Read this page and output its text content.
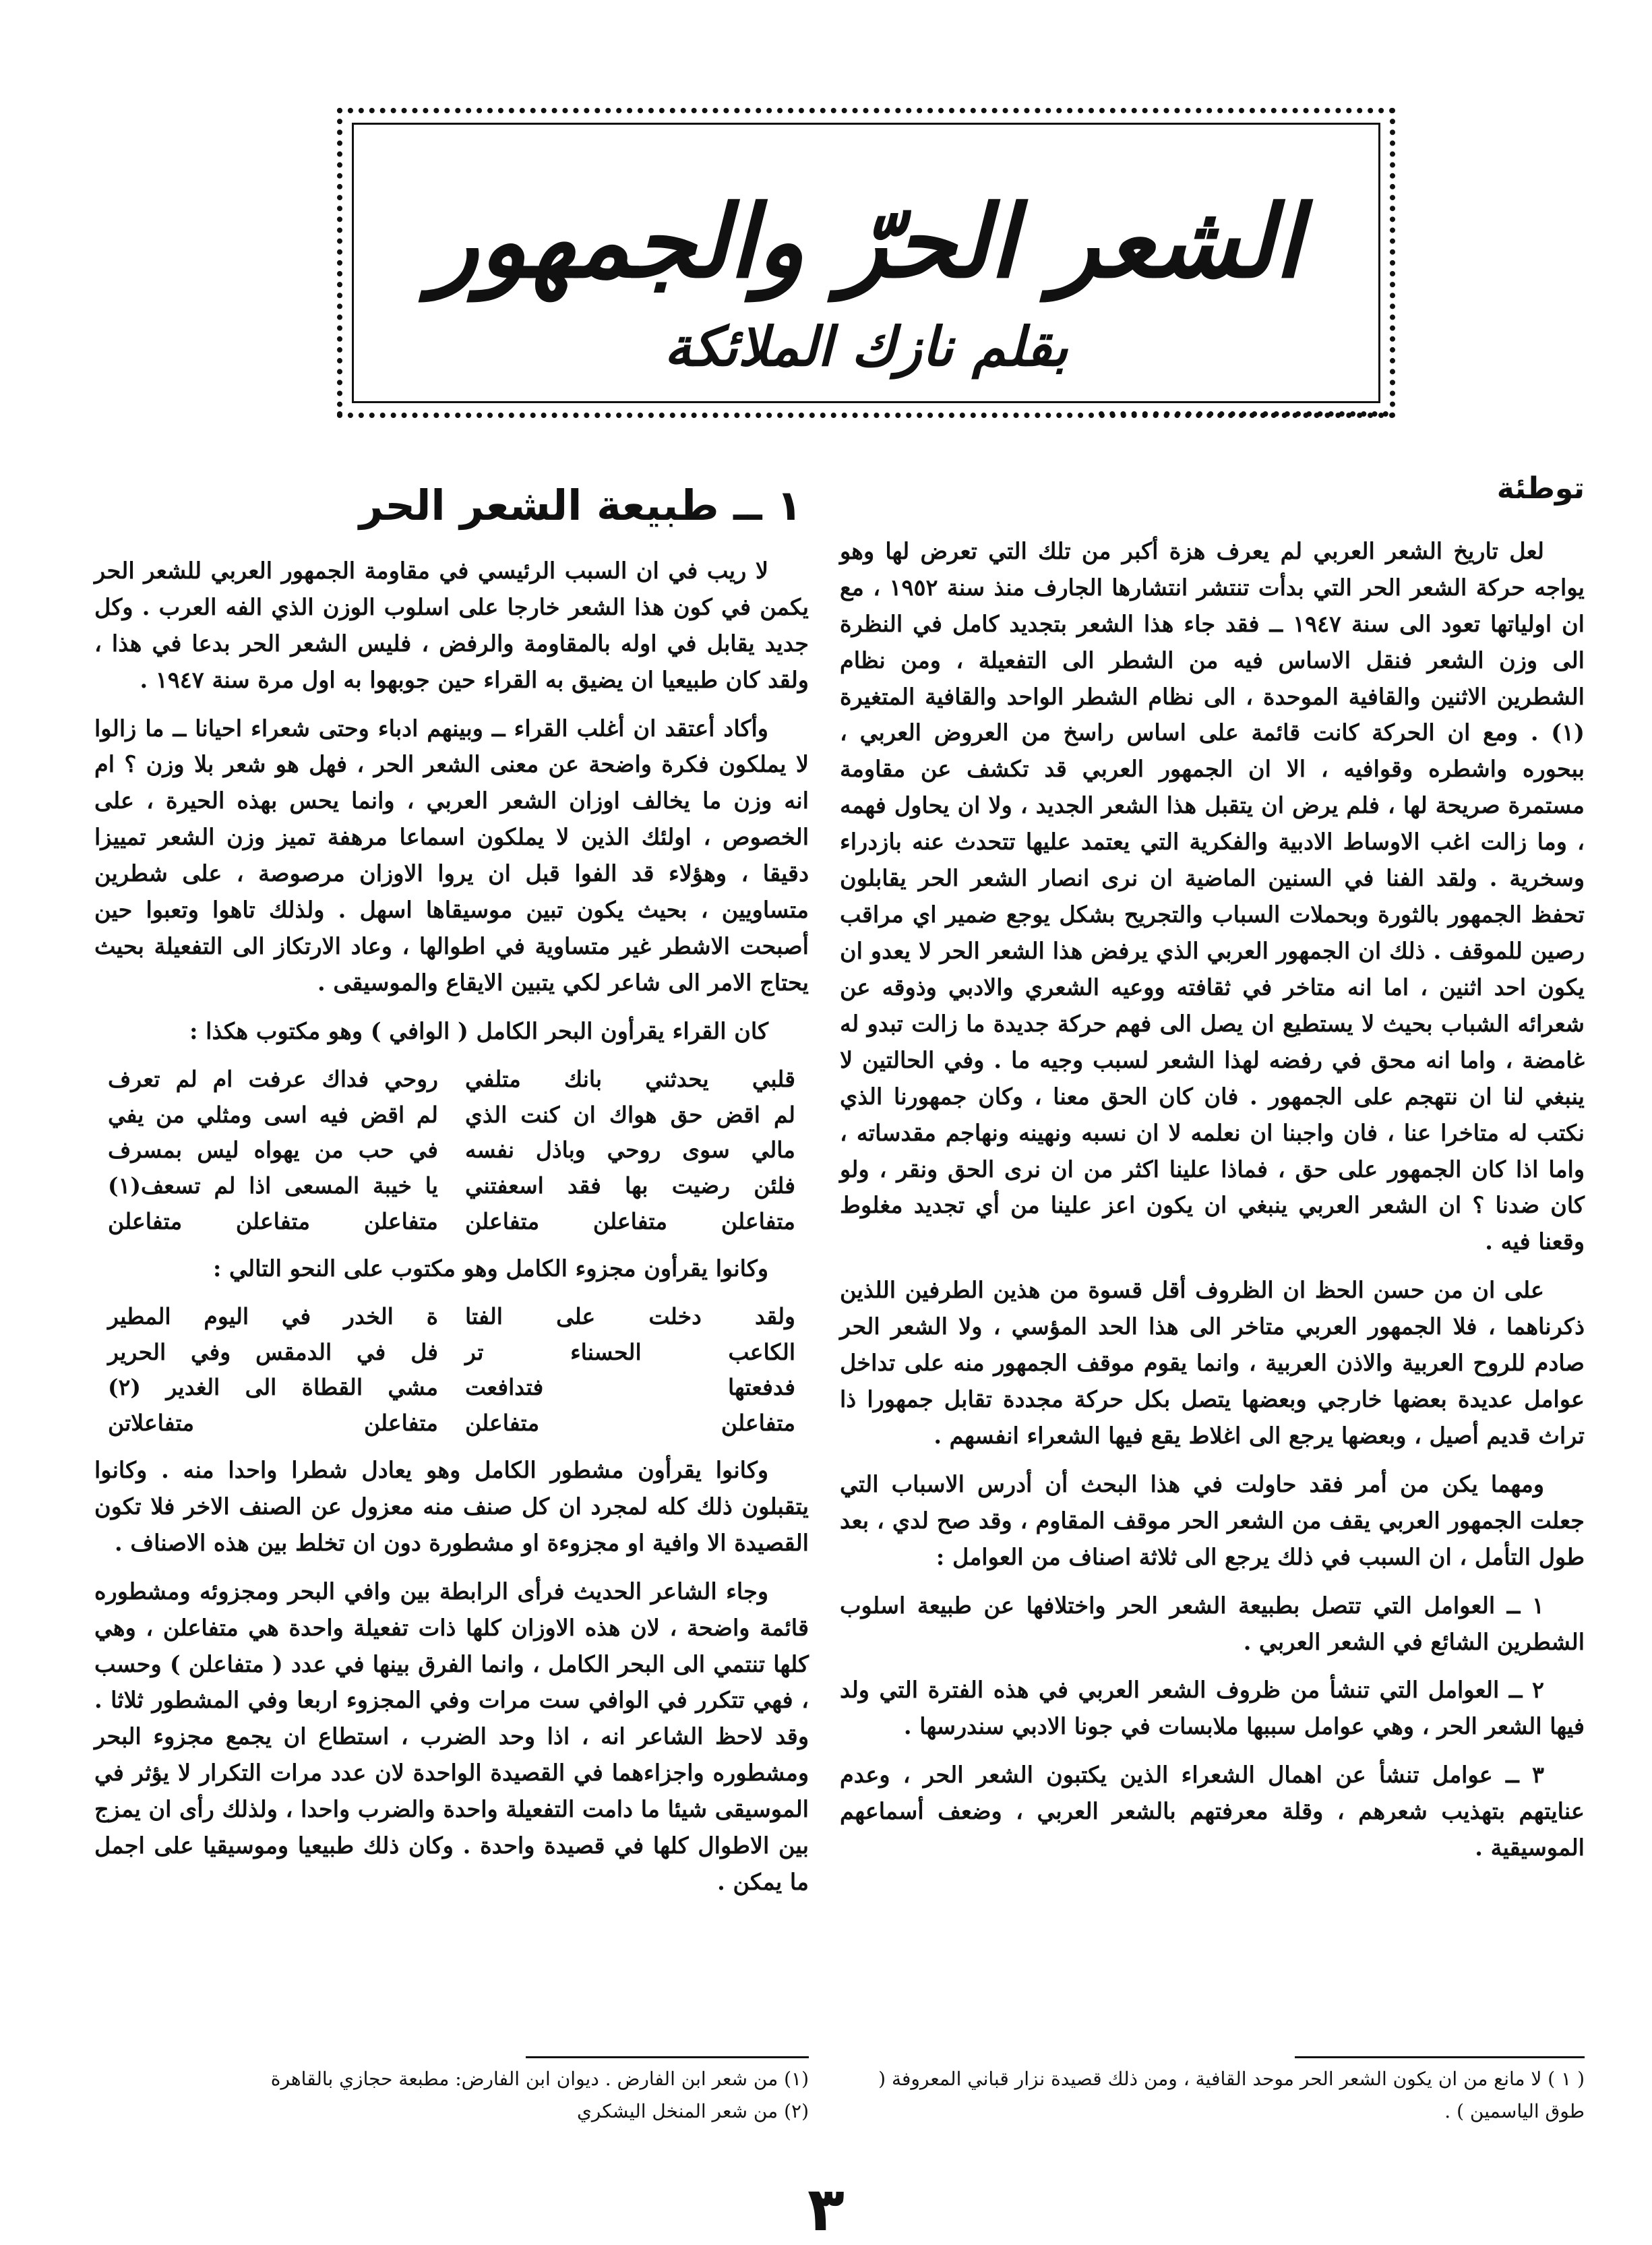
الشعر الحرّ والجمهور
بقلم نازك الملائكة
توطئة

لعل تاريخ الشعر العربي لم يعرف هزة أكبر من تلك التي تعرض لها وهو يواجه حركة الشعر الحر التي بدأت تنتشر انتشارها الجارف منذ سنة ١٩٥٢ ، مع ان اولياتها تعود الى سنة ١٩٤٧ ــ فقد جاء هذا الشعر بتجديد كامل في النظرة الى وزن الشعر فنقل الاساس فيه من الشطر الى التفعيلة ، ومن نظام الشطرين الاثنين والقافية الموحدة ، الى نظام الشطر الواحد والقافية المتغيرة (١) . ومع ان الحركة كانت قائمة على اساس راسخ من العروض العربي ، ببحوره واشطره وقوافيه ، الا ان الجمهور العربي قد تكشف عن مقاومة مستمرة صريحة لها ، فلم يرض ان يتقبل هذا الشعر الجديد ، ولا ان يحاول فهمه ، وما زالت اغب الاوساط الادبية والفكرية التي يعتمد عليها تتحدث عنه بازدراء وسخرية . ولقد الفنا في السنين الماضية ان نرى انصار الشعر الحر يقابلون تحفظ الجمهور بالثورة وبحملات السباب والتجريح بشكل يوجع ضمير اي مراقب رصين للموقف . ذلك ان الجمهور العربي الذي يرفض هذا الشعر الحر لا يعدو ان يكون احد اثنين ، اما انه متاخر في ثقافته ووعيه الشعري والادبي وذوقه عن شعرائه الشباب بحيث لا يستطيع ان يصل الى فهم حركة جديدة ما زالت تبدو له غامضة ، واما انه محق في رفضه لهذا الشعر لسبب وجيه ما . وفي الحالتين لا ينبغي لنا ان نتهجم على الجمهور . فان كان الحق معنا ، وكان جمهورنا الذي نكتب له متاخرا عنا ، فان واجبنا ان نعلمه لا ان نسبه ونهينه ونهاجم مقدساته ، واما اذا كان الجمهور على حق ، فماذا علينا اكثر من ان نرى الحق ونقر ، ولو كان ضدنا ؟ ان الشعر العربي ينبغي ان يكون اعز علينا من أي تجديد مغلوط وقعنا فيه .

على ان من حسن الحظ ان الظروف أقل قسوة من هذين الطرفين اللذين ذكرناهما ، فلا الجمهور العربي متاخر الى هذا الحد المؤسي ، ولا الشعر الحر صادم للروح العربية والاذن العربية ، وانما يقوم موقف الجمهور منه على تداخل عوامل عديدة بعضها خارجي وبعضها يتصل بكل حركة مجددة تقابل جمهورا ذا تراث قديم أصيل ، وبعضها يرجع الى اغلاط يقع فيها الشعراء انفسهم .

ومهما يكن من أمر فقد حاولت في هذا البحث أن أدرس الاسباب التي جعلت الجمهور العربي يقف من الشعر الحر موقف المقاوم ، وقد صح لدي ، بعد طول التأمل ، ان السبب في ذلك يرجع الى ثلاثة اصناف من العوامل :

١ ــ العوامل التي تتصل بطبيعة الشعر الحر واختلافها عن طبيعة اسلوب الشطرين الشائع في الشعر العربي .

٢ ــ العوامل التي تنشأ من ظروف الشعر العربي في هذه الفترة التي ولد فيها الشعر الحر ، وهي عوامل سببها ملابسات في جونا الادبي سندرسها .

٣ ــ عوامل تنشأ عن اهمال الشعراء الذين يكتبون الشعر الحر ، وعدم عنايتهم بتهذيب شعرهم ، وقلة معرفتهم بالشعر العربي ، وضعف أسماعهم الموسيقية .

١ ــ طبيعة الشعر الحر

لا ريب في ان السبب الرئيسي في مقاومة الجمهور العربي للشعر الحر يكمن في كون هذا الشعر خارجا على اسلوب الوزن الذي الفه العرب . وكل جديد يقابل في اوله بالمقاومة والرفض ، فليس الشعر الحر بدعا في هذا ، ولقد كان طبيعيا ان يضيق به القراء حين جوبهوا به اول مرة سنة ١٩٤٧ .

وأكاد أعتقد ان أغلب القراء ــ وبينهم ادباء وحتى شعراء احيانا ــ ما زالوا لا يملكون فكرة واضحة عن معنى الشعر الحر ، فهل هو شعر بلا وزن ؟ ام انه وزن ما يخالف اوزان الشعر العربي ، وانما يحس بهذه الحيرة ، على الخصوص ، اولئك الذين لا يملكون اسماعا مرهفة تميز وزن الشعر تمييزا دقيقا ، وهؤلاء قد الفوا قبل ان يروا الاوزان مرصوصة ، على شطرين متساويين ، بحيث يكون تبين موسيقاها اسهل . ولذلك تاهوا وتعبوا حين أصبحت الاشطر غير متساوية في اطوالها ، وعاد الارتكاز الى التفعيلة بحيث يحتاج الامر الى شاعر لكي يتبين الايقاع والموسيقى .

كان القراء يقرأون البحر الكامل ( الوافي ) وهو مكتوب هكذا :

قلبي يحدثني بانك متلفي
روحي فداك عرفت ام لم تعرف
لم اقض حق هواك ان كنت الذي
لم اقض فيه اسى ومثلي من يفي
مالي سوى روحي وباذل نفسه
في حب من يهواه ليس بمسرف
فلئن رضيت بها فقد اسعفتني
يا خيبة المسعى اذا لم تسعف(١)
متفاعلن متفاعلن متفاعلن
متفاعلن متفاعلن متفاعلن

وكانوا يقرأون مجزوء الكامل وهو مكتوب على النحو التالي :

ولقد دخلت على الفتا
ة الخدر في اليوم المطير
الكاعب الحسناء تر
فل في الدمقس وفي الحرير
فدفعتها فتدافعت
مشي القطاة الى الغدير (٢)
متفاعلن متفاعلن
متفاعلن متفاعلاتن

وكانوا يقرأون مشطور الكامل وهو يعادل شطرا واحدا منه . وكانوا يتقبلون ذلك كله لمجرد ان كل صنف منه معزول عن الصنف الاخر فلا تكون القصيدة الا وافية او مجزوءة او مشطورة دون ان تخلط بين هذه الاصناف .

وجاء الشاعر الحديث فرأى الرابطة بين وافي البحر ومجزوئه ومشطوره قائمة واضحة ، لان هذه الاوزان كلها ذات تفعيلة واحدة هي متفاعلن ، وهي كلها تنتمي الى البحر الكامل ، وانما الفرق بينها في عدد ( متفاعلن ) وحسب ، فهي تتكرر في الوافي ست مرات وفي المجزوء اربعا وفي المشطور ثلاثا . وقد لاحظ الشاعر انه ، اذا وحد الضرب ، استطاع ان يجمع مجزوء البحر ومشطوره واجزاءهما في القصيدة الواحدة لان عدد مرات التكرار لا يؤثر في الموسيقى شيئا ما دامت التفعيلة واحدة والضرب واحدا ، ولذلك رأى ان يمزج بين الاطوال كلها في قصيدة واحدة . وكان ذلك طبيعيا وموسيقيا على اجمل ما يمكن .

( ١ ) لا مانع من ان يكون الشعر الحر موحد القافية ، ومن ذلك قصيدة نزار قباني المعروفة ( طوق الياسمين ) .
(١) من شعر ابن الفارض . ديوان ابن الفارض: مطبعة حجازي بالقاهرة
(٢) من شعر المنخل اليشكري
٣
